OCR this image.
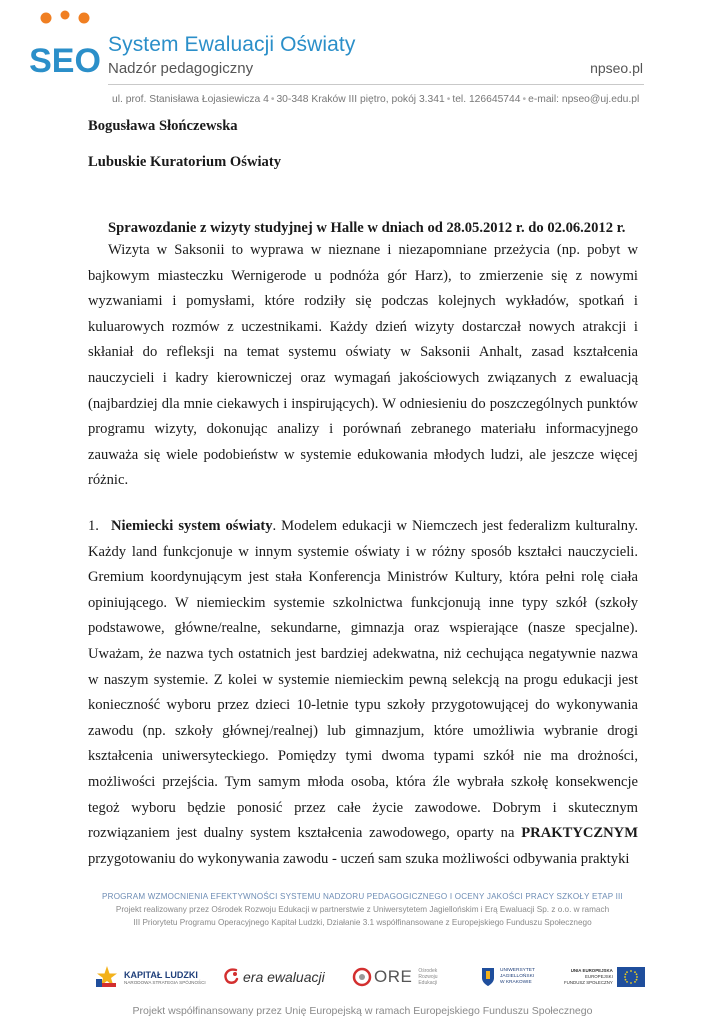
SEO System Ewaluacji Oświaty
Nadzór pedagogiczny	npseo.pl
ul. prof. Stanisława Łojasiewicza 4 • 30-348 Kraków III piętro, pokój 3.341 • tel. 126645744 • e-mail: npseo@uj.edu.pl
Bogusława Słończewska
Lubuskie Kuratorium Oświaty
Sprawozdanie z wizyty studyjnej w Halle w dniach od 28.05.2012 r. do 02.06.2012 r.

Wizyta w Saksonii to wyprawa w nieznane i niezapomniane przeżycia (np. pobyt w bajkowym miasteczku Wernigerode u podnóża gór Harz), to zmierzenie się z nowymi wyzwaniami i pomysłami, które rodziły się podczas kolejnych wykładów, spotkań i kuluarowych rozmów z uczestnikami. Każdy dzień wizyty dostarczał nowych atrakcji i skłaniał do refleksji na temat systemu oświaty w Saksonii Anhalt, zasad kształcenia nauczycieli i kadry kierowniczej oraz wymagań jakościowych związanych z ewaluacją (najbardziej dla mnie ciekawych i inspirujących). W odniesieniu do poszczególnych punktów programu wizyty, dokonując analizy i porównań zebranego materiału informacyjnego zauważa się wiele podobieństw w systemie edukowania młodych ludzi, ale jeszcze więcej różnic.

1. Niemiecki system oświaty. Modelem edukacji w Niemczech jest federalizm kulturalny. Każdy land funkcjonuje w innym systemie oświaty i w różny sposób kształci nauczycieli. Gremium koordynującym jest stała Konferencja Ministrów Kultury, która pełni rolę ciała opiniującego. W niemieckim systemie szkolnictwa funkcjonują inne typy szkół (szkoły podstawowe, główne/realne, sekundarne, gimnazja oraz wspierające (nasze specjalne). Uważam, że nazwa tych ostatnich jest bardziej adekwatna, niż cechująca negatywnie nazwa w naszym systemie. Z kolei w systemie niemieckim pewną selekcją na progu edukacji jest konieczność wyboru przez dzieci 10-letnie typu szkoły przygotowującej do wykonywania zawodu (np. szkoły głównej/realnej) lub gimnazjum, które umożliwia wybranie drogi kształcenia uniwersyteckiego. Pomiędzy tymi dwoma typami szkół nie ma drożności, możliwości przejścia. Tym samym młoda osoba, która źle wybrała szkołę konsekwencje tegoż wyboru będzie ponosić przez całe życie zawodowe. Dobrym i skutecznym rozwiązaniem jest dualny system kształcenia zawodowego, oparty na PRAKTYCZNYM przygotowaniu do wykonywania zawodu - uczeń sam szuka możliwości odbywania praktyki

PROGRAM WZMOCNIENIA EFEKTYWNOŚCI SYSTEMU NADZORU PEDAGOGICZNEGO I OCENY JAKOŚCI PRACY SZKOŁY ETAP III
Projekt realizowany przez Ośrodek Rozwoju Edukacji w partnerstwie z Uniwersytetem Jagiellońskim i Erą Ewaluacji Sp. z o.o. w ramach
III Priorytetu Programu Operacyjnego Kapitał Ludzki, Działanie 3.1 współfinansowane z Europejskiego Funduszu Społecznego
KAPITAŁ LUDZKI
NARODOWA STRATEGIA SPÓJNOŚCI	era ewaluacji	ORE Ośrodek
Rozwoju
Edukacji
UNIWERSYTET
JAGIELLOŃSKI
W KRAKOWIE
UNIA EUROPEJSKA
EUROPEJSKI
FUNDUSZ SPOŁECZNY
Projekt współfinansowany przez Unię Europejską w ramach Europejskiego Funduszu Społecznego
